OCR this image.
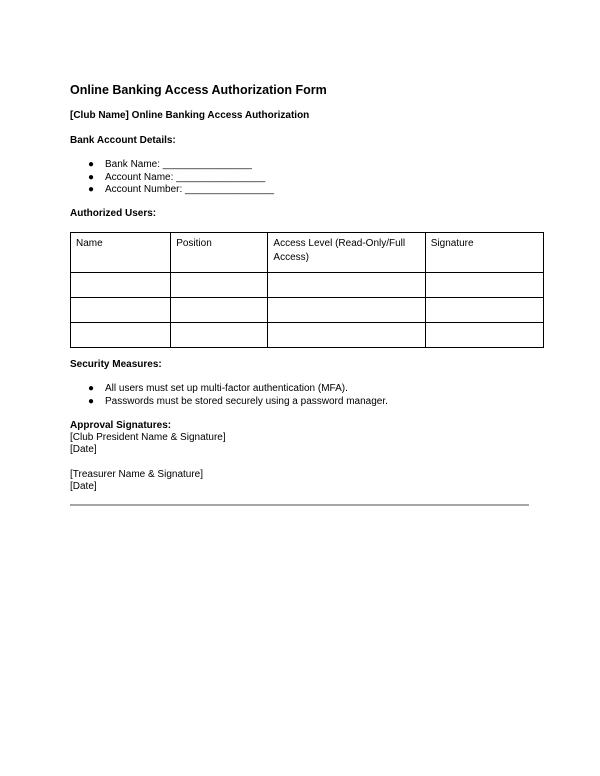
Online Banking Access Authorization Form
[Club Name] Online Banking Access Authorization
Bank Account Details:
● Bank Name: ________________
● Account Name: ________________
● Account Number: ________________
Authorized Users:
Name	Position	Access Level (Read-Only/Full Access)	Signature

Security Measures:
● All users must set up multi-factor authentication (MFA).
● Passwords must be stored securely using a password manager.
Approval Signatures:
[Club President Name & Signature]
[Date]
[Treasurer Name & Signature]
[Date]
